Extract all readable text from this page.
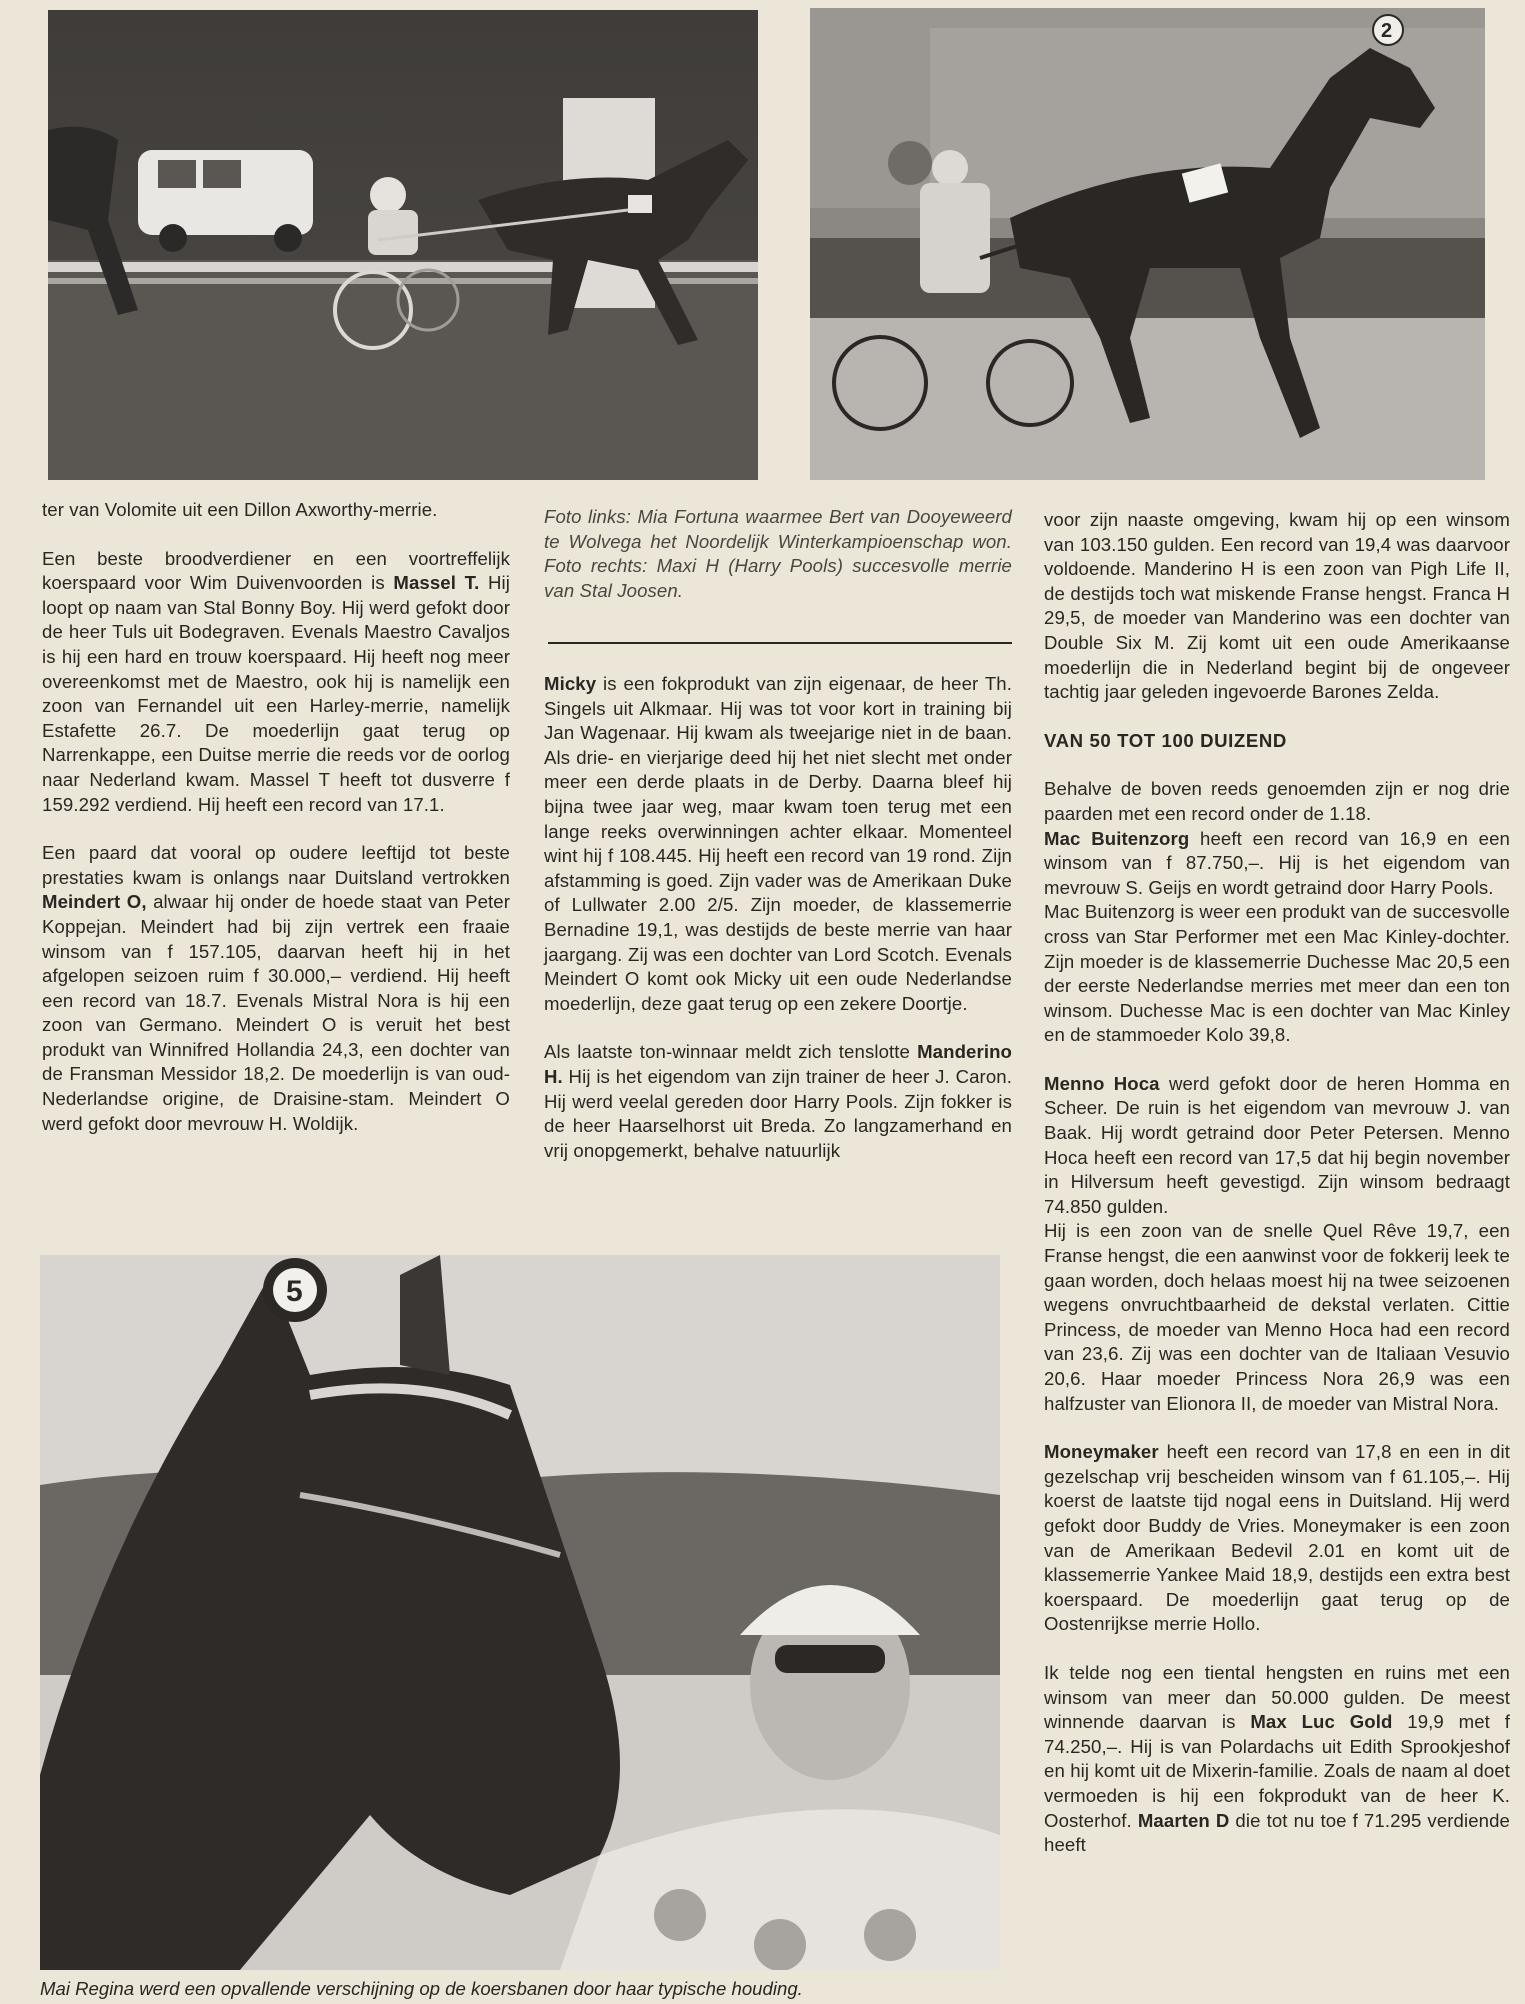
2

ter van Volomite uit een Dillon Axworthy-merrie.

Een beste broodverdiener en een voortreffelijk koerspaard voor Wim Duivenvoorden is Massel T. Hij loopt op naam van Stal Bonny Boy. Hij werd gefokt door de heer Tuls uit Bodegraven. Evenals Maestro Cavaljos is hij een hard en trouw koerspaard. Hij heeft nog meer overeenkomst met de Maestro, ook hij is namelijk een zoon van Fernandel uit een Harley-merrie, namelijk Estafette 26.7. De moederlijn gaat terug op Narrenkappe, een Duitse merrie die reeds vor de oorlog naar Nederland kwam. Massel T heeft tot dusverre f 159.292 verdiend. Hij heeft een record van 17.1.

Een paard dat vooral op oudere leeftijd tot beste prestaties kwam is onlangs naar Duitsland vertrokken Meindert O, alwaar hij onder de hoede staat van Peter Koppejan. Meindert had bij zijn vertrek een fraaie winsom van f 157.105, daarvan heeft hij in het afgelopen seizoen ruim f 30.000,– verdiend. Hij heeft een record van 18.7. Evenals Mistral Nora is hij een zoon van Germano. Meindert O is veruit het best produkt van Winnifred Hollandia 24,3, een dochter van de Fransman Messidor 18,2. De moederlijn is van oud-Nederlandse origine, de Draisine-stam. Meindert O werd gefokt door mevrouw H. Woldijk.

Foto links: Mia Fortuna waarmee Bert van Dooyeweerd te Wolvega het Noordelijk Winterkampioenschap won. Foto rechts: Maxi H (Harry Pools) succesvolle merrie van Stal Joosen.

Micky is een fokprodukt van zijn eigenaar, de heer Th. Singels uit Alkmaar. Hij was tot voor kort in training bij Jan Wagenaar. Hij kwam als tweejarige niet in de baan. Als drie- en vierjarige deed hij het niet slecht met onder meer een derde plaats in de Derby. Daarna bleef hij bijna twee jaar weg, maar kwam toen terug met een lange reeks overwinningen achter elkaar. Momenteel wint hij f 108.445. Hij heeft een record van 19 rond. Zijn afstamming is goed. Zijn vader was de Amerikaan Duke of Lullwater 2.00 2/5. Zijn moeder, de klassemerrie Bernadine 19,1, was destijds de beste merrie van haar jaargang. Zij was een dochter van Lord Scotch. Evenals Meindert O komt ook Micky uit een oude Nederlandse moederlijn, deze gaat terug op een zekere Doortje.

Als laatste ton-winnaar meldt zich tenslotte Manderino H. Hij is het eigendom van zijn trainer de heer J. Caron. Hij werd veelal gereden door Harry Pools. Zijn fokker is de heer Haarselhorst uit Breda. Zo langzamerhand en vrij onopgemerkt, behalve natuurlijk

voor zijn naaste omgeving, kwam hij op een winsom van 103.150 gulden. Een record van 19,4 was daarvoor voldoende. Manderino H is een zoon van Pigh Life II, de destijds toch wat miskende Franse hengst. Franca H 29,5, de moeder van Manderino was een dochter van Double Six M. Zij komt uit een oude Amerikaanse moederlijn die in Nederland begint bij de ongeveer tachtig jaar geleden ingevoerde Barones Zelda.

VAN 50 TOT 100 DUIZEND

Behalve de boven reeds genoemden zijn er nog drie paarden met een record onder de 1.18.

Mac Buitenzorg heeft een record van 16,9 en een winsom van f 87.750,–. Hij is het eigendom van mevrouw S. Geijs en wordt getraind door Harry Pools.

Mac Buitenzorg is weer een produkt van de succesvolle cross van Star Performer met een Mac Kinley-dochter. Zijn moeder is de klassemerrie Duchesse Mac 20,5 een der eerste Nederlandse merries met meer dan een ton winsom. Duchesse Mac is een dochter van Mac Kinley en de stammoeder Kolo 39,8.

Menno Hoca werd gefokt door de heren Homma en Scheer. De ruin is het eigendom van mevrouw J. van Baak. Hij wordt getraind door Peter Petersen. Menno Hoca heeft een record van 17,5 dat hij begin november in Hilversum heeft gevestigd. Zijn winsom bedraagt 74.850 gulden.

Hij is een zoon van de snelle Quel Rêve 19,7, een Franse hengst, die een aanwinst voor de fokkerij leek te gaan worden, doch helaas moest hij na twee seizoenen wegens onvruchtbaarheid de dekstal verlaten. Cittie Princess, de moeder van Menno Hoca had een record van 23,6. Zij was een dochter van de Italiaan Vesuvio 20,6. Haar moeder Princess Nora 26,9 was een halfzuster van Elionora II, de moeder van Mistral Nora.

Moneymaker heeft een record van 17,8 en een in dit gezelschap vrij bescheiden winsom van f 61.105,–. Hij koerst de laatste tijd nogal eens in Duitsland. Hij werd gefokt door Buddy de Vries. Moneymaker is een zoon van de Amerikaan Bedevil 2.01 en komt uit de klassemerrie Yankee Maid 18,9, destijds een extra best koerspaard. De moederlijn gaat terug op de Oostenrijkse merrie Hollo.

Ik telde nog een tiental hengsten en ruins met een winsom van meer dan 50.000 gulden. De meest winnende daarvan is Max Luc Gold 19,9 met f 74.250,–. Hij is van Polardachs uit Edith Sprookjeshof en hij komt uit de Mixerin-familie. Zoals de naam al doet vermoeden is hij een fokprodukt van de heer K. Oosterhof. Maarten D die tot nu toe f 71.295 verdiende heeft

5
Mai Regina werd een opvallende verschijning op de koersbanen door haar typische houding.
